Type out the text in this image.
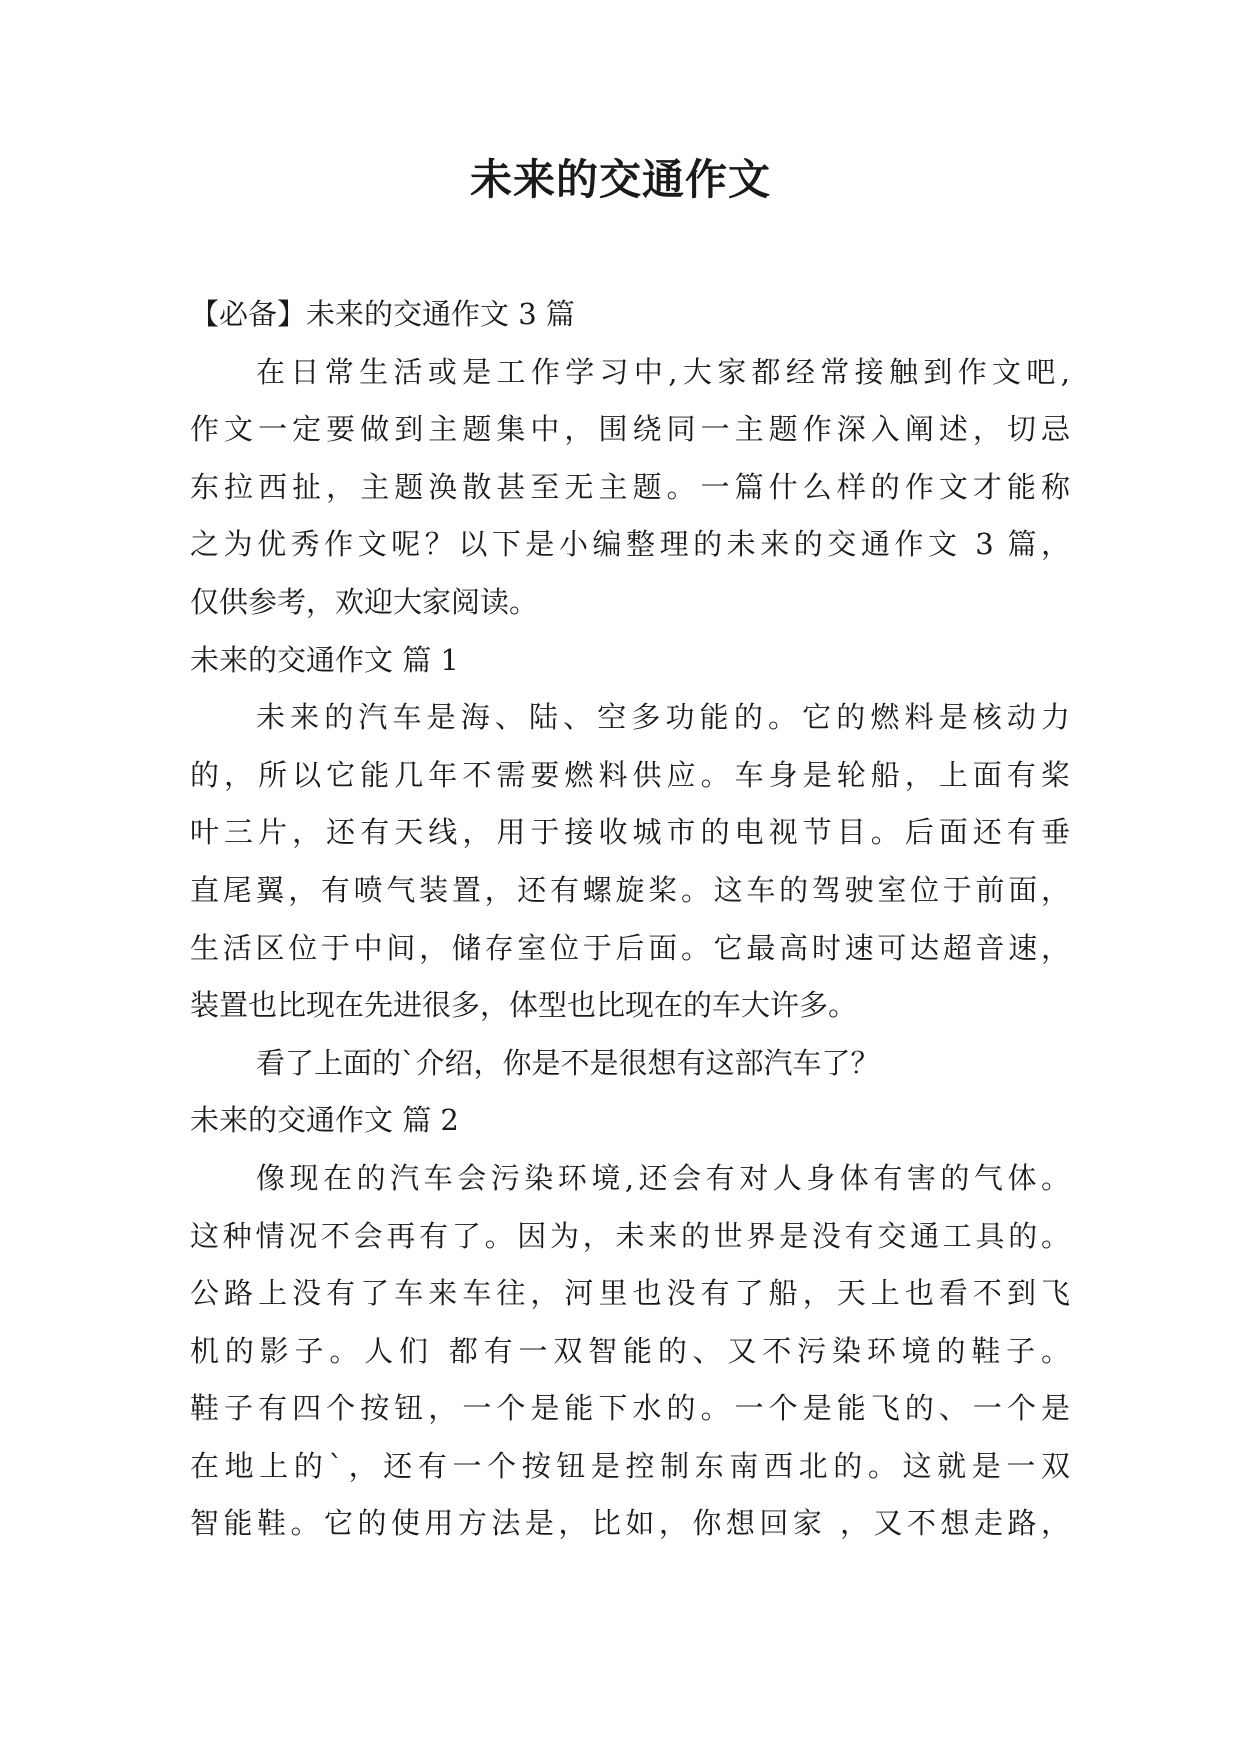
未来的交通作文
【必备】未来的交通作文 3 篇
在日常生活或是工作学习中,大家都经常接触到作文吧,
作文一定要做到主题集中，围绕同一主题作深入阐述，切忌
东拉西扯，主题涣散甚至无主题。一篇什么样的作文才能称
之为优秀作文呢？以下是小编整理的未来的交通作文 3 篇，
仅供参考，欢迎大家阅读。
未来的交通作文 篇 1
未来的汽车是海、陆、空多功能的。它的燃料是核动力
的，所以它能几年不需要燃料供应。车身是轮船，上面有桨
叶三片，还有天线，用于接收城市的电视节目。后面还有垂
直尾翼，有喷气装置，还有螺旋桨。这车的驾驶室位于前面，
生活区位于中间，储存室位于后面。它最高时速可达超音速，
装置也比现在先进很多，体型也比现在的车大许多。
看了上面的`介绍，你是不是很想有这部汽车了？
未来的交通作文 篇 2
像现在的汽车会污染环境,还会有对人身体有害的气体。
这种情况不会再有了。因为，未来的世界是没有交通工具的。
公路上没有了车来车往，河里也没有了船，天上也看不到飞
机的影子。人们 都有一双智能的、又不污染环境的鞋子。
鞋子有四个按钮，一个是能下水的。一个是能飞的、一个是
在地上的`，还有一个按钮是控制东南西北的。这就是一双
智能鞋。它的使用方法是，比如，你想回家 ，又不想走路，
